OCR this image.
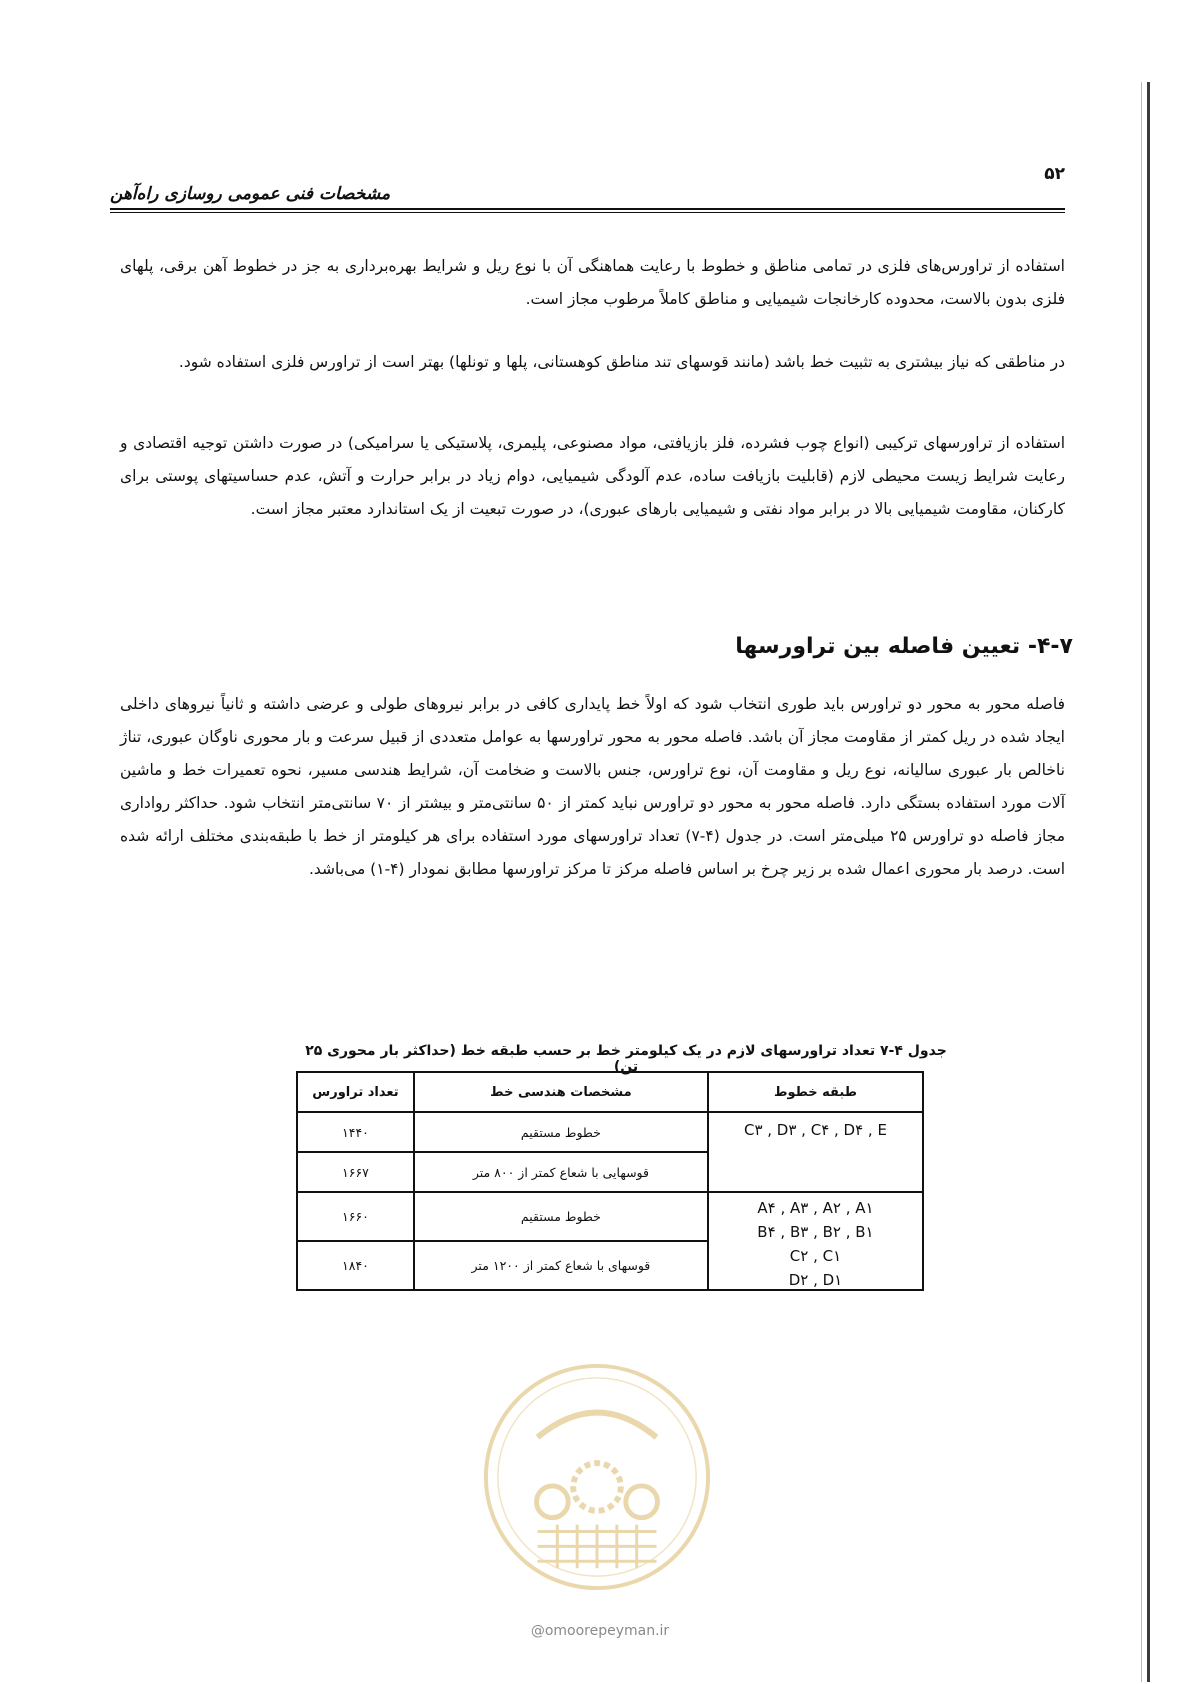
۵۲
مشخصات فنی عمومی روسازی راه‌آهن

استفاده از تراورس‌های فلزی در تمامی مناطق و خطوط با رعایت هماهنگی آن با نوع ریل و شرایط بهره‌برداری به جز در خطوط آهن برقی، پلهای فلزی بدون بالاست، محدوده کارخانجات شیمیایی و مناطق کاملاً مرطوب مجاز است.

در مناطقی که نیاز بیشتری به تثبیت خط باشد (مانند قوسهای تند مناطق کوهستانی، پلها و تونلها) بهتر است از تراورس فلزی استفاده شود.

استفاده از تراورسهای ترکیبی (انواع چوب فشرده، فلز بازیافتی، مواد مصنوعی، پلیمری، پلاستیکی یا سرامیکی) در صورت داشتن توجیه اقتصادی و رعایت شرایط زیست محیطی لازم (قابلیت بازیافت ساده، عدم آلودگی شیمیایی، دوام زیاد در برابر حرارت و آتش، عدم حساسیتهای پوستی برای کارکنان، مقاومت شیمیایی بالا در برابر مواد نفتی و شیمیایی بارهای عبوری)، در صورت تبعیت از یک استاندارد معتبر مجاز است.

۴-۷- تعیین فاصله بین تراورسها

فاصله محور به محور دو تراورس باید طوری انتخاب شود که اولاً خط پایداری کافی در برابر نیروهای طولی و عرضی داشته و ثانیاً نیروهای داخلی ایجاد شده در ریل کمتر از مقاومت مجاز آن باشد. فاصله محور به محور تراورسها به عوامل متعددی از قبیل سرعت و بار محوری ناوگان عبوری، تناژ ناخالص بار عبوری سالیانه، نوع ریل و مقاومت آن، نوع تراورس، جنس بالاست و ضخامت آن، شرایط هندسی مسیر، نحوه تعمیرات خط و ماشین آلات مورد استفاده بستگی دارد. فاصله محور به محور دو تراورس نباید کمتر از ۵۰ سانتی‌متر و بیشتر از ۷۰ سانتی‌متر انتخاب شود. حداکثر رواداری مجاز فاصله دو تراورس ۲۵ میلی‌متر است. در جدول (۴-۷) تعداد تراورسهای مورد استفاده برای هر کیلومتر از خط با طبقه‌بندی مختلف ارائه شده است. درصد بار محوری اعمال شده بر زیر چرخ بر اساس فاصله مرکز تا مرکز تراورسها مطابق نمودار (۴-۱) می‌باشد.

جدول ۴-۷ تعداد تراورسهای لازم در یک کیلومتر خط بر حسب طبقه خط (حداکثر بار محوری ۲۵ تن)
طبقه خطوط	مشخصات هندسی خط	تعداد تراورس
C۳ , D۳ , C۴ , D۴ , E	خطوط مستقیم	۱۴۴۰
	قوسهایی با شعاع کمتر از ۸۰۰ متر	۱۶۶۷

A۴ , A۳ , A۲ , A۱
B۴ , B۳ , B۲ , B۱
C۲ , C۱
D۲ , D۱	خطوط مستقیم	۱۶۶۰
	قوسهای با شعاع کمتر از ۱۲۰۰ متر	۱۸۴۰
@omoorepeyman.ir
